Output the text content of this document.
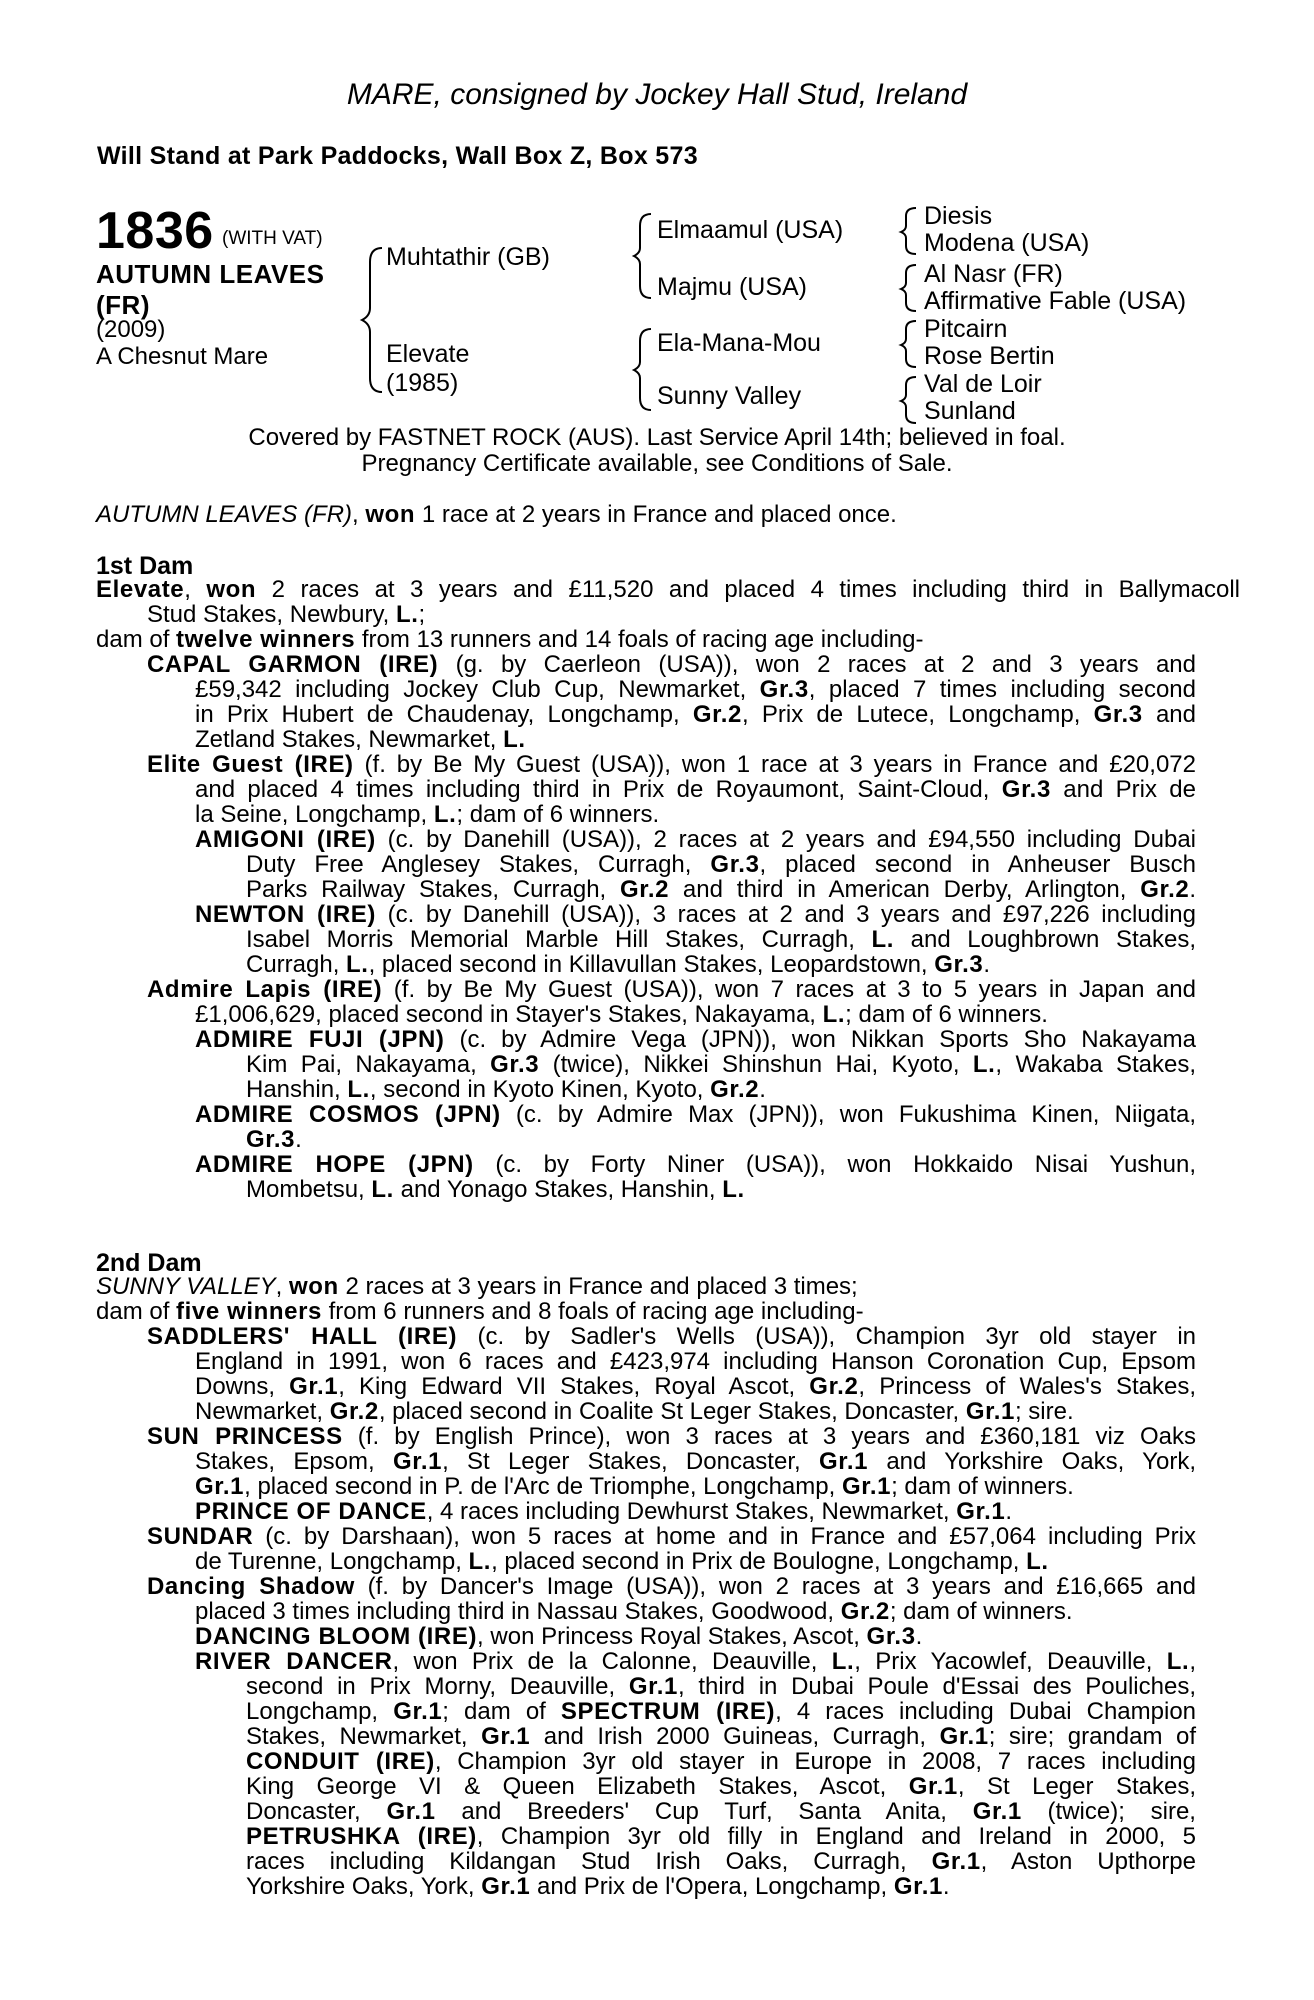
MARE, consigned by Jockey Hall Stud, Ireland
Will Stand at Park Paddocks, Wall Box Z, Box 573
1836 (WITH VAT)
AUTUMN LEAVES (FR)
(2009)
A Chesnut Mare
Muhtathir (GB)
Elevate
(1985)
Elmaamul (USA)
Majmu (USA)
Ela-Mana-Mou
Sunny Valley
Diesis
Modena (USA)
Al Nasr (FR)
Affirmative Fable (USA)
Pitcairn
Rose Bertin
Val de Loir
Sunland
Covered by FASTNET ROCK (AUS). Last Service April 14th; believed in foal.
Pregnancy Certificate available, see Conditions of Sale.
AUTUMN LEAVES (FR), won 1 race at 2 years in France and placed once.
1st Dam
Elevate, won 2 races at 3 years and £11,520 and placed 4 times including third in Ballymacoll
Stud Stakes, Newbury, L.;
dam of twelve winners from 13 runners and 14 foals of racing age including-
CAPAL GARMON (IRE) (g. by Caerleon (USA)), won 2 races at 2 and 3 years and
£59,342 including Jockey Club Cup, Newmarket, Gr.3, placed 7 times including second
in Prix Hubert de Chaudenay, Longchamp, Gr.2, Prix de Lutece, Longchamp, Gr.3 and
Zetland Stakes, Newmarket, L.
Elite Guest (IRE) (f. by Be My Guest (USA)), won 1 race at 3 years in France and £20,072
and placed 4 times including third in Prix de Royaumont, Saint-Cloud, Gr.3 and Prix de
la Seine, Longchamp, L.; dam of 6 winners.
AMIGONI (IRE) (c. by Danehill (USA)), 2 races at 2 years and £94,550 including Dubai
Duty Free Anglesey Stakes, Curragh, Gr.3, placed second in Anheuser Busch
Parks Railway Stakes, Curragh, Gr.2 and third in American Derby, Arlington, Gr.2.
NEWTON (IRE) (c. by Danehill (USA)), 3 races at 2 and 3 years and £97,226 including
Isabel Morris Memorial Marble Hill Stakes, Curragh, L. and Loughbrown Stakes,
Curragh, L., placed second in Killavullan Stakes, Leopardstown, Gr.3.
Admire Lapis (IRE) (f. by Be My Guest (USA)), won 7 races at 3 to 5 years in Japan and
£1,006,629, placed second in Stayer's Stakes, Nakayama, L.; dam of 6 winners.
ADMIRE FUJI (JPN) (c. by Admire Vega (JPN)), won Nikkan Sports Sho Nakayama
Kim Pai, Nakayama, Gr.3 (twice), Nikkei Shinshun Hai, Kyoto, L., Wakaba Stakes,
Hanshin, L., second in Kyoto Kinen, Kyoto, Gr.2.
ADMIRE COSMOS (JPN) (c. by Admire Max (JPN)), won Fukushima Kinen, Niigata,
Gr.3.
ADMIRE HOPE (JPN) (c. by Forty Niner (USA)), won Hokkaido Nisai Yushun,
Mombetsu, L. and Yonago Stakes, Hanshin, L.
2nd Dam
SUNNY VALLEY, won 2 races at 3 years in France and placed 3 times;
dam of five winners from 6 runners and 8 foals of racing age including-
SADDLERS' HALL (IRE) (c. by Sadler's Wells (USA)), Champion 3yr old stayer in
England in 1991, won 6 races and £423,974 including Hanson Coronation Cup, Epsom
Downs, Gr.1, King Edward VII Stakes, Royal Ascot, Gr.2, Princess of Wales's Stakes,
Newmarket, Gr.2, placed second in Coalite St Leger Stakes, Doncaster, Gr.1; sire.
SUN PRINCESS (f. by English Prince), won 3 races at 3 years and £360,181 viz Oaks
Stakes, Epsom, Gr.1, St Leger Stakes, Doncaster, Gr.1 and Yorkshire Oaks, York,
Gr.1, placed second in P. de l'Arc de Triomphe, Longchamp, Gr.1; dam of winners.
PRINCE OF DANCE, 4 races including Dewhurst Stakes, Newmarket, Gr.1.
SUNDAR (c. by Darshaan), won 5 races at home and in France and £57,064 including Prix
de Turenne, Longchamp, L., placed second in Prix de Boulogne, Longchamp, L.
Dancing Shadow (f. by Dancer's Image (USA)), won 2 races at 3 years and £16,665 and
placed 3 times including third in Nassau Stakes, Goodwood, Gr.2; dam of winners.
DANCING BLOOM (IRE), won Princess Royal Stakes, Ascot, Gr.3.
RIVER DANCER, won Prix de la Calonne, Deauville, L., Prix Yacowlef, Deauville, L.,
second in Prix Morny, Deauville, Gr.1, third in Dubai Poule d'Essai des Pouliches,
Longchamp, Gr.1; dam of SPECTRUM (IRE), 4 races including Dubai Champion
Stakes, Newmarket, Gr.1 and Irish 2000 Guineas, Curragh, Gr.1; sire; grandam of
CONDUIT (IRE), Champion 3yr old stayer in Europe in 2008, 7 races including
King George VI & Queen Elizabeth Stakes, Ascot, Gr.1, St Leger Stakes,
Doncaster, Gr.1 and Breeders' Cup Turf, Santa Anita, Gr.1 (twice); sire,
PETRUSHKA (IRE), Champion 3yr old filly in England and Ireland in 2000, 5
races including Kildangan Stud Irish Oaks, Curragh, Gr.1, Aston Upthorpe
Yorkshire Oaks, York, Gr.1 and Prix de l'Opera, Longchamp, Gr.1.
